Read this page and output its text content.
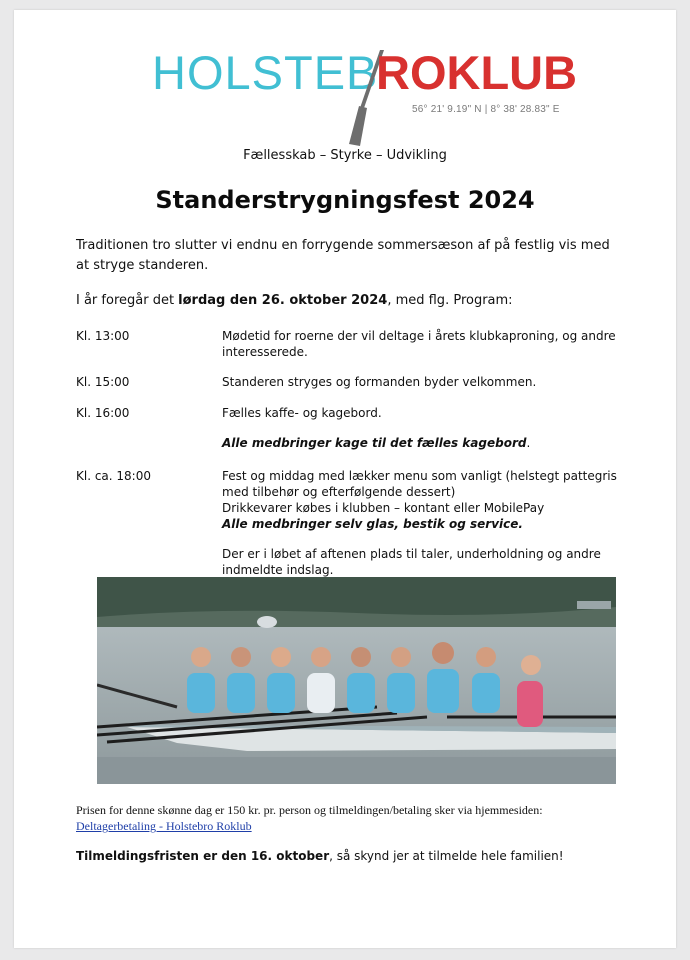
HOLSTEB
ROKLUB
56° 21' 9.19" N | 8° 38' 28.83" E
Fællesskab – Styrke – Udvikling
Standerstrygningsfest 2024
Traditionen tro slutter vi endnu en forrygende sommersæson af på festlig vis med at stryge standeren.
I år foregår det lørdag den 26. oktober 2024, med flg. Program:
Kl. 13:00	Mødetid for roerne der vil deltage i årets klubkaproning, og andre interesserede.
Kl. 15:00	Standeren stryges og formanden byder velkommen.
Kl. 16:00	Fælles kaffe- og kagebord.
Alle medbringer kage til det fælles kagebord.
Kl. ca. 18:00	Fest og middag med lækker menu som vanligt (helstegt pattegris med tilbehør og efterfølgende dessert)
Drikkevarer købes i klubben – kontant eller MobilePay
Alle medbringer selv glas, bestik og service.
Der er i løbet af aftenen plads til taler, underholdning og andre indmeldte indslag.
Prisen for denne skønne dag er 150 kr. pr. person og tilmeldingen/betaling sker via hjemmesiden:
Deltagerbetaling - Holstebro Roklub
Tilmeldingsfristen er den 16. oktober, så skynd jer at tilmelde hele familien!
